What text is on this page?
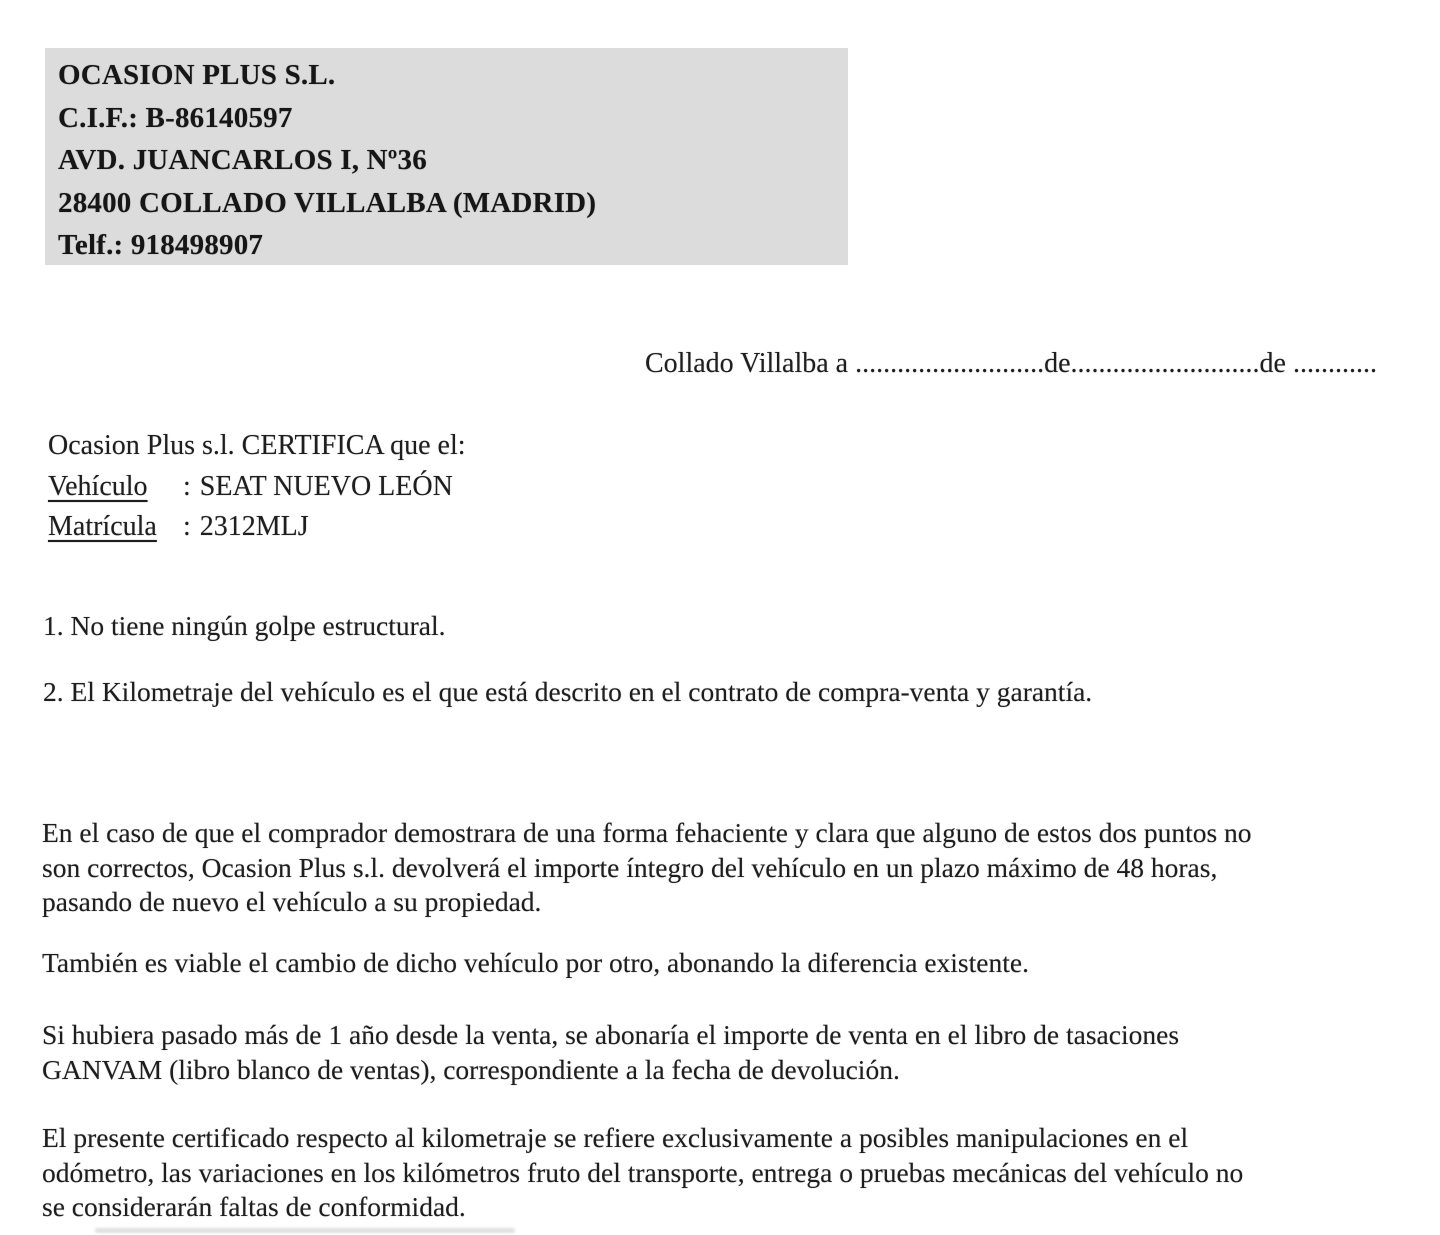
OCASION PLUS S.L.
C.I.F.: B-86140597
AVD. JUANCARLOS I, Nº36
28400 COLLADO VILLALBA (MADRID)
Telf.: 918498907
Collado Villalba a ...........................de...........................de ............
Ocasion Plus s.l. CERTIFICA que el:
Vehículo : SEAT NUEVO LEÓN
Matrícula : 2312MLJ

1. No tiene ningún golpe estructural.

2. El Kilometraje del vehículo es el que está descrito en el contrato de compra-venta y garantía.

En el caso de que el comprador demostrara de una forma fehaciente y clara que alguno de estos dos puntos no
son correctos, Ocasion Plus s.l. devolverá el importe íntegro del vehículo en un plazo máximo de 48 horas,
pasando de nuevo el vehículo a su propiedad.
También es viable el cambio de dicho vehículo por otro, abonando la diferencia existente.
Si hubiera pasado más de 1 año desde la venta, se abonaría el importe de venta en el libro de tasaciones
GANVAM (libro blanco de ventas), correspondiente a la fecha de devolución.
El presente certificado respecto al kilometraje se refiere exclusivamente a posibles manipulaciones en el
odómetro, las variaciones en los kilómetros fruto del transporte, entrega o pruebas mecánicas del vehículo no
se considerarán faltas de conformidad.
